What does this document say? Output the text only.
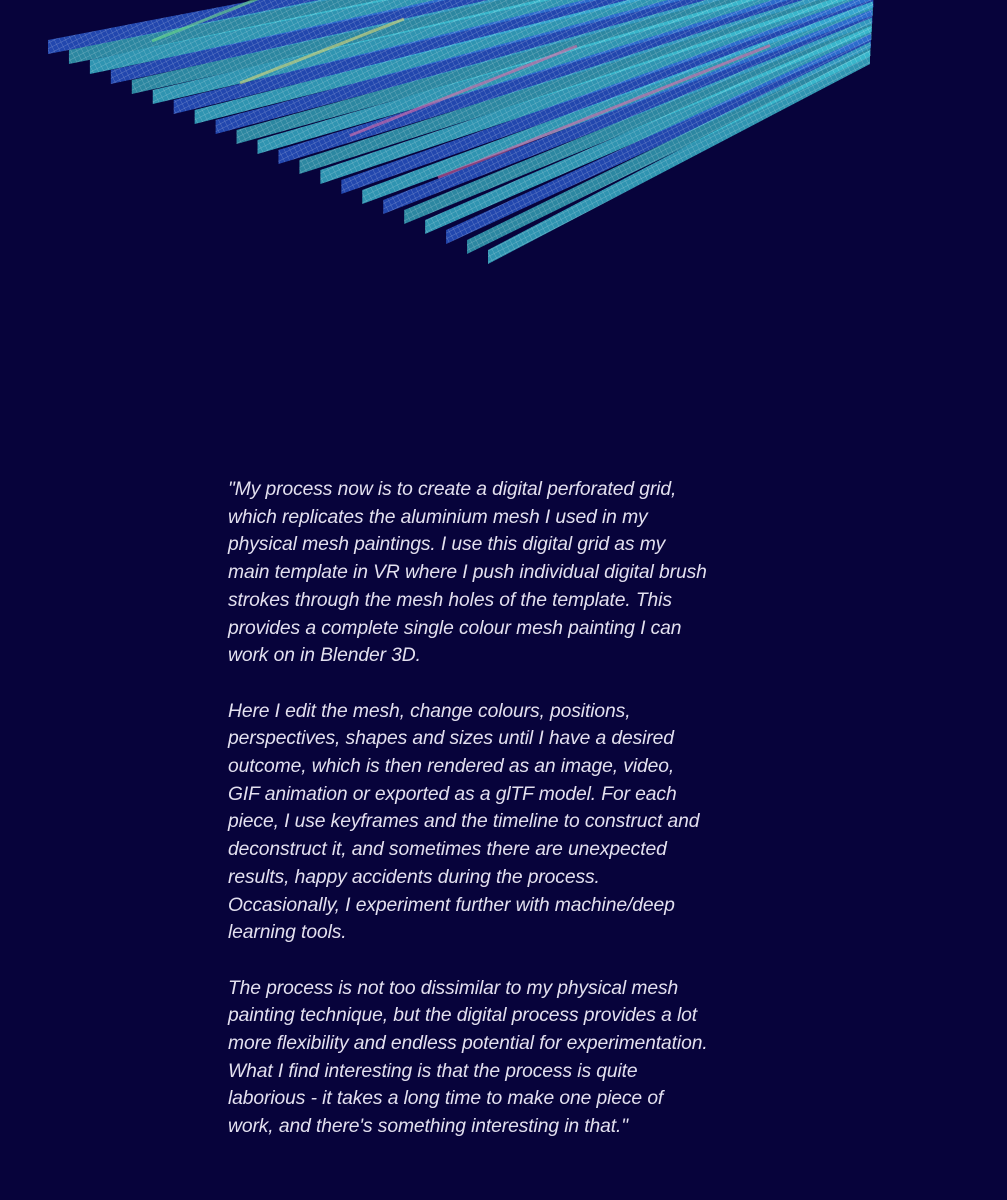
"My process now is to create a digital perforated grid,
which replicates the aluminium mesh I used in my
physical mesh paintings. I use this digital grid as my
main template in VR where I push individual digital brush
strokes through the mesh holes of the template. This
provides a complete single colour mesh painting I can
work on in Blender 3D.

Here I edit the mesh, change colours, positions,
perspectives, shapes and sizes until I have a desired
outcome, which is then rendered as an image, video,
GIF animation or exported as a glTF model. For each
piece, I use keyframes and the timeline to construct and
deconstruct it, and sometimes there are unexpected
results, happy accidents during the process.
Occasionally, I experiment further with machine/deep
learning tools.

The process is not too dissimilar to my physical mesh
painting technique, but the digital process provides a lot
more flexibility and endless potential for experimentation.
What I find interesting is that the process is quite
laborious - it takes a long time to make one piece of
work, and there's something interesting in that."
